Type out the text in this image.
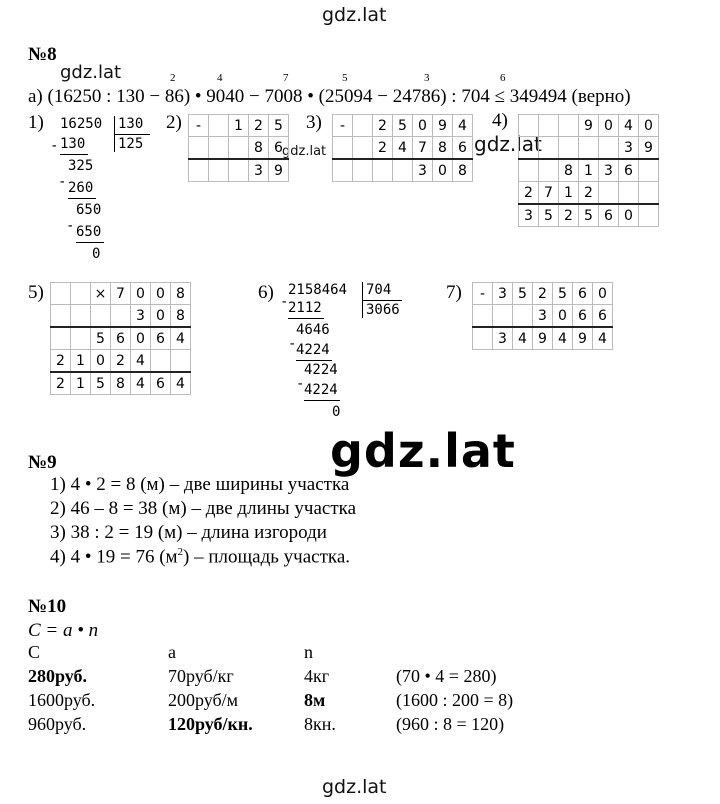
gdz.lat
gdz.lat
gdz.lat	gdz.lat
gdz.lat
gdz.lat
№8
2	4	7	5	3	6
а) (16250 : 130 − 86) • 9040 − 7008 • (25094 − 24786) : 704 ≤ 349494 (верно)
1)	2)	3)	4)
5)	6)	7)
16250 130
125
- 130
325
- 260
650
- 650
0
-		1	2	5
			8	6
			3	9
-		2	5	0	9	4
		2	4	7	8	6
				3	0	8
			9	0	4	0
					3	9
		8	1	3	6	
2	7	1	2			
3	5	2	5	6	0	
		×	7	0	0	8
				3	0	8
		5	6	0	6	4
2	1	0	2	4		
2	1	5	8	4	6	4
2158464 704
3066
- 2112
4646
- 4224
4224
- 4224
0
-	3	5	2	5	6	0
			3	0	6	6
	3	4	9	4	9	4
№9
1) 4 • 2 = 8 (м) – две ширины участка
2) 46 – 8 = 38 (м) – две длины участка
3) 38 : 2 = 19 (м) – длина изгороди
4) 4 • 19 = 76 $(м^2)$ – площадь участка.
№10
C = a • n
C	a	n
280руб.	70руб/кг	4кг	(70 • 4 = 280)
1600руб.	200руб/м	8м	(1600 : 200 = 8)
960руб.	120руб/кн.	8кн.	(960 : 8 = 120)
